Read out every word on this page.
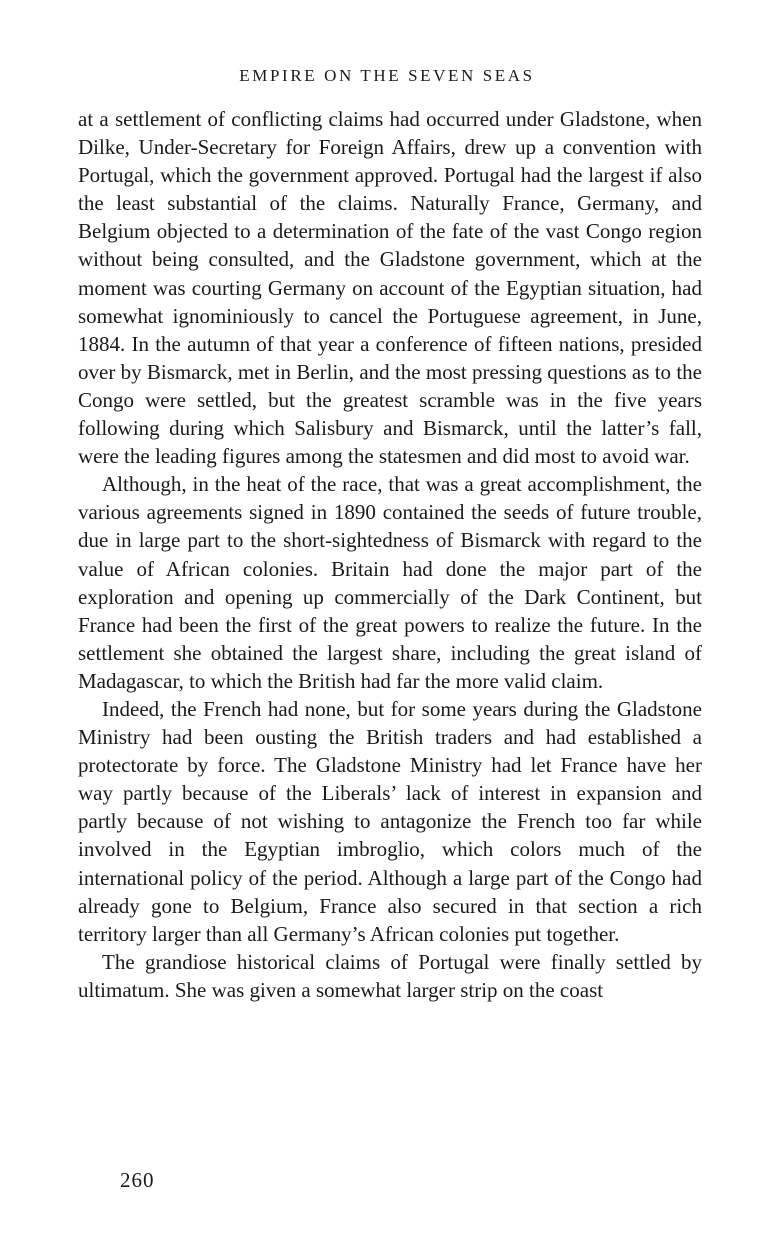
EMPIRE ON THE SEVEN SEAS

at a settlement of conflicting claims had occurred under Gladstone, when Dilke, Under-Secretary for Foreign Affairs, drew up a convention with Portugal, which the government approved. Portugal had the largest if also the least substantial of the claims. Naturally France, Germany, and Belgium objected to a determination of the fate of the vast Congo region without being consulted, and the Gladstone government, which at the moment was courting Germany on account of the Egyptian situation, had somewhat ignominiously to cancel the Portuguese agreement, in June, 1884. In the autumn of that year a conference of fifteen nations, presided over by Bismarck, met in Berlin, and the most pressing questions as to the Congo were settled, but the greatest scramble was in the five years following during which Salisbury and Bismarck, until the latter’s fall, were the leading figures among the statesmen and did most to avoid war.

Although, in the heat of the race, that was a great accomplishment, the various agreements signed in 1890 contained the seeds of future trouble, due in large part to the short-sightedness of Bismarck with regard to the value of African colonies. Britain had done the major part of the exploration and opening up commercially of the Dark Continent, but France had been the first of the great powers to realize the future. In the settlement she obtained the largest share, including the great island of Madagascar, to which the British had far the more valid claim.

Indeed, the French had none, but for some years during the Gladstone Ministry had been ousting the British traders and had established a protectorate by force. The Gladstone Ministry had let France have her way partly because of the Liberals’ lack of interest in expansion and partly because of not wishing to antagonize the French too far while involved in the Egyptian imbroglio, which colors much of the international policy of the period. Although a large part of the Congo had already gone to Belgium, France also secured in that section a rich territory larger than all Germany’s African colonies put together.

The grandiose historical claims of Portugal were finally settled by ultimatum. She was given a somewhat larger strip on the coast

260
